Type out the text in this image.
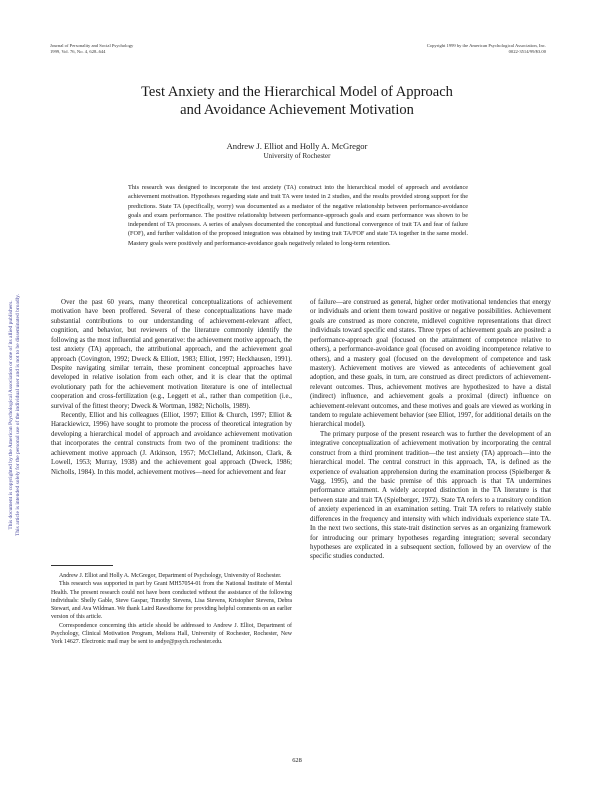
Journal of Personality and Social Psychology
1999, Vol. 76, No. 4, 628–644
Copyright 1999 by the American Psychological Association, Inc.
0022-3514/99/$3.00
This document is copyrighted by the American Psychological Association or one of its allied publishers.
This article is intended solely for the personal use of the individual user and is not to be disseminated broadly.
Test Anxiety and the Hierarchical Model of Approach
and Avoidance Achievement Motivation
Andrew J. Elliot and Holly A. McGregor
University of Rochester
This research was designed to incorporate the test anxiety (TA) construct into the hierarchical model of approach and avoidance achievement motivation. Hypotheses regarding state and trait TA were tested in 2 studies, and the results provided strong support for the predictions. State TA (specifically, worry) was documented as a mediator of the negative relationship between performance-avoidance goals and exam performance. The positive relationship between performance-approach goals and exam performance was shown to be independent of TA processes. A series of analyses documented the conceptual and functional convergence of trait TA and fear of failure (FOF), and further validation of the proposed integration was obtained by testing trait TA/FOF and state TA together in the same model. Mastery goals were positively and performance-avoidance goals negatively related to long-term retention.

Over the past 60 years, many theoretical conceptualizations of achievement motivation have been proffered. Several of these conceptualizations have made substantial contributions to our understanding of achievement-relevant affect, cognition, and behavior, but reviewers of the literature commonly identify the following as the most influential and generative: the achievement motive approach, the test anxiety (TA) approach, the attributional approach, and the achievement goal approach (Covington, 1992; Dweck & Elliott, 1983; Elliot, 1997; Heckhausen, 1991). Despite navigating similar terrain, these prominent conceptual approaches have developed in relative isolation from each other, and it is clear that the optimal evolutionary path for the achievement motivation literature is one of intellectual cooperation and cross-fertilization (e.g., Leggett et al., rather than competition (i.e., survival of the fittest theory; Dweck & Wortman, 1982; Nicholls, 1989).

Recently, Elliot and his colleagues (Elliot, 1997; Elliot & Church, 1997; Elliot & Harackiewicz, 1996) have sought to promote the process of theoretical integration by developing a hierarchical model of approach and avoidance achievement motivation that incorporates the central constructs from two of the prominent traditions: the achievement motive approach (J. Atkinson, 1957; McClelland, Atkinson, Clark, & Lowell, 1953; Murray, 1938) and the achievement goal approach (Dweck, 1986; Nicholls, 1984). In this model, achievement motives—need for achievement and fear

of failure—are construed as general, higher order motivational tendencies that energy or individuals and orient them toward positive or negative possibilities. Achievement goals are construed as more concrete, midlevel cognitive representations that direct individuals toward specific end states. Three types of achievement goals are posited: a performance-approach goal (focused on the attainment of competence relative to others), a performance-avoidance goal (focused on avoiding incompetence relative to others), and a mastery goal (focused on the development of competence and task mastery). Achievement motives are viewed as antecedents of achievement goal adoption, and these goals, in turn, are construed as direct predictors of achievement-relevant outcomes. Thus, achievement motives are hypothesized to have a distal (indirect) influence, and achievement goals a proximal (direct) influence on achievement-relevant outcomes, and these motives and goals are viewed as working in tandem to regulate achievement behavior (see Elliot, 1997, for additional details on the hierarchical model).

The primary purpose of the present research was to further the development of an integrative conceptualization of achievement motivation by incorporating the central construct from a third prominent tradition—the test anxiety (TA) approach—into the hierarchical model. The central construct in this approach, TA, is defined as the experience of evaluation apprehension during the examination process (Spielberger & Vagg, 1995), and the basic premise of this approach is that TA undermines performance attainment. A widely accepted distinction in the TA literature is that between state and trait TA (Spielberger, 1972). State TA refers to a transitory condition of anxiety experienced in an examination setting. Trait TA refers to relatively stable differences in the frequency and intensity with which individuals experience state TA. In the next two sections, this state-trait distinction serves as an organizing framework for introducing our primary hypotheses regarding integration; several secondary hypotheses are explicated in a subsequent section, followed by an overview of the specific studies conducted.

Andrew J. Elliot and Holly A. McGregor, Department of Psychology, University of Rochester.

This research was supported in part by Grant MH57054-01 from the National Institute of Mental Health. The present research could not have been conducted without the assistance of the following individuals: Shelly Gable, Steve Gaspar, Timothy Stevens, Lisa Stevens, Kristopher Stevens, Debra Stewart, and Ava Wildman. We thank Laird Rawsthorne for providing helpful comments on an earlier version of this article.

Correspondence concerning this article should be addressed to Andrew J. Elliot, Department of Psychology, Clinical Motivation Program, Meliora Hall, University of Rochester, Rochester, New York 14627. Electronic mail may be sent to andye@psych.rochester.edu.

628
